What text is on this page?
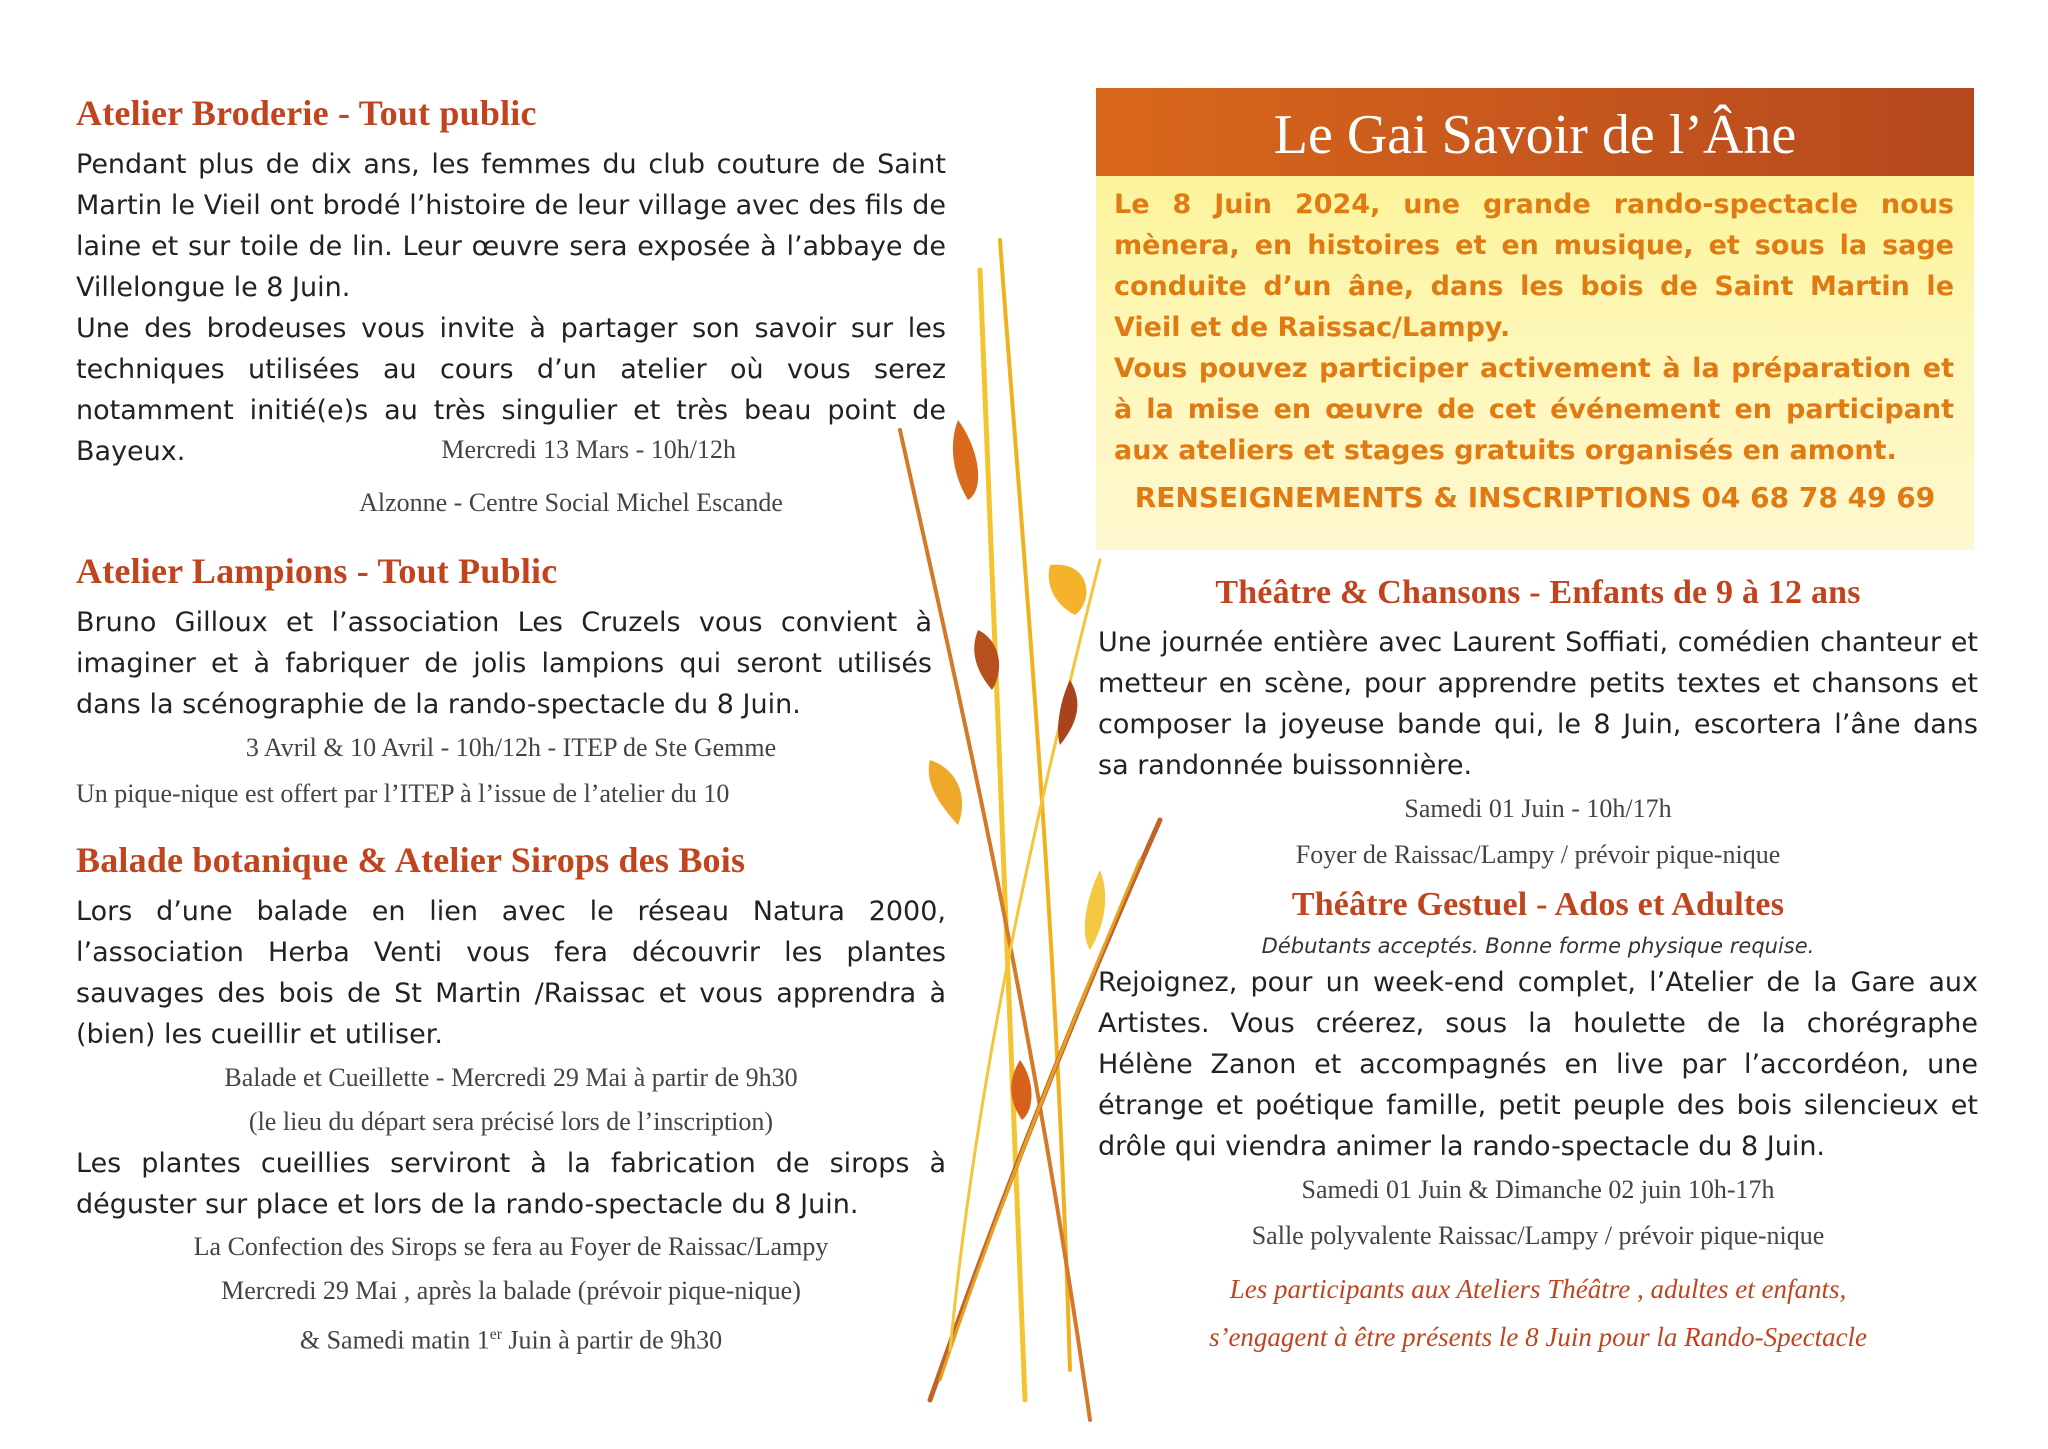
Atelier Broderie - Tout public

Pendant plus de dix ans, les femmes du club couture de Saint Martin le Vieil ont brodé l’histoire de leur village avec des fils de laine et sur toile de lin. Leur œuvre sera exposée à l’abbaye de Villelongue le 8 Juin.

Une des brodeuses vous invite à partager son savoir sur les techniques utilisées au cours d’un atelier où vous serez notamment initié(e)s au très singulier et très beau point de Bayeux.	Mercredi 13 Mars - 10h/12h
Alzonne - Centre Social Michel Escande
Atelier Lampions - Tout Public

Bruno Gilloux et l’association Les Cruzels vous convient à imaginer et à fabriquer de jolis lampions qui seront utilisés dans la scénographie de la rando-spectacle du 8 Juin.

3 Avril & 10 Avril - 10h/12h - ITEP de Ste Gemme
Un pique-nique est offert par l’ITEP à l’issue de l’atelier du 10
Balade botanique & Atelier Sirops des Bois

Lors d’une balade en lien avec le réseau Natura 2000, l’association Herba Venti vous fera découvrir les plantes sauvages des bois de St Martin /Raissac et vous apprendra à (bien) les cueillir et utiliser.

Balade et Cueillette - Mercredi 29 Mai à partir de 9h30
(le lieu du départ sera précisé lors de l’inscription)

Les plantes cueillies serviront à la fabrication de sirops à déguster sur place et lors de la rando-spectacle du 8 Juin.

La Confection des Sirops se fera au Foyer de Raissac/Lampy
Mercredi 29 Mai , après la balade (prévoir pique-nique)
& Samedi matin 1er Juin à partir de 9h30
Le Gai Savoir de l’Âne
Le 8 Juin 2024, une grande rando-spectacle nous mènera, en histoires et en musique, et sous la sage conduite d’un âne, dans les bois de Saint Martin le Vieil et de Raissac/Lampy.
Vous pouvez participer activement à la préparation et à la mise en œuvre de cet événement en participant aux ateliers et stages gratuits organisés en amont.
RENSEIGNEMENTS & INSCRIPTIONS 04 68 78 49 69
Théâtre & Chansons - Enfants de 9 à 12 ans

Une journée entière avec Laurent Soffiati, comédien chanteur et metteur en scène, pour apprendre petits textes et chansons et composer la joyeuse bande qui, le 8 Juin, escortera l’âne dans sa randonnée buissonnière.

Samedi 01 Juin - 10h/17h
Foyer de Raissac/Lampy / prévoir pique-nique
Théâtre Gestuel - Ados et Adultes
Débutants acceptés. Bonne forme physique requise.

Rejoignez, pour un week-end complet, l’Atelier de la Gare aux Artistes. Vous créerez, sous la houlette de la chorégraphe Hélène Zanon et accompagnés en live par l’accordéon, une étrange et poétique famille, petit peuple des bois silencieux et drôle qui viendra animer la rando-spectacle du 8 Juin.

Samedi 01 Juin & Dimanche 02 juin 10h-17h
Salle polyvalente Raissac/Lampy / prévoir pique-nique
Les participants aux Ateliers Théâtre , adultes et enfants,
s’engagent à être présents le 8 Juin pour la Rando-Spectacle
